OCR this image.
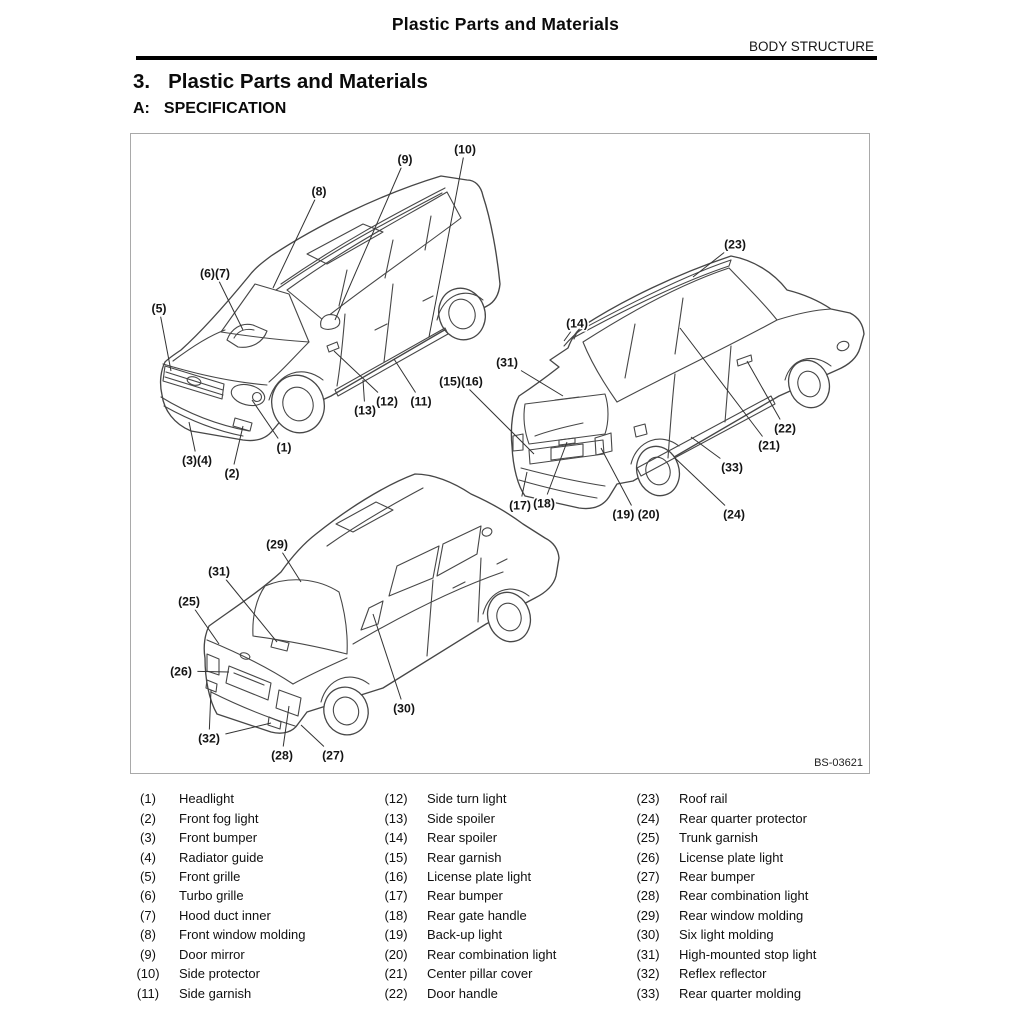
Plastic Parts and Materials
BODY STRUCTURE
3. Plastic Parts and Materials
A: SPECIFICATION
(9)
(10)
(8)
(6)(7)
(5)
(3)(4)
(2)
(1)
(13)
(12) (11)
(23)
(14)
(31)
(15)(16)
(22)
(21)
(33)
(17) (18)
(19) (20)	(24)
(29)
(31)
(25)
(26)
(32)
(28) (27)
(30)
BS-03621
(1)	Headlight
(2)	Front fog light
(3)	Front bumper
(4)	Radiator guide
(5)	Front grille
(6)	Turbo grille
(7)	Hood duct inner
(8)	Front window molding
(9)	Door mirror
(10) Side protector
(11)	Side garnish
(12) Side turn light
(13) Side spoiler
(14) Rear spoiler
(15) Rear garnish
(16) License plate light
(17) Rear bumper
(18) Rear gate handle
(19) Back-up light
(20) Rear combination light
(21) Center pillar cover
(22) Door handle
(23) Roof rail
(24) Rear quarter protector
(25) Trunk garnish
(26) License plate light
(27) Rear bumper
(28) Rear combination light
(29) Rear window molding
(30) Six light molding
(31) High-mounted stop light
(32) Reflex reflector
(33) Rear quarter molding
